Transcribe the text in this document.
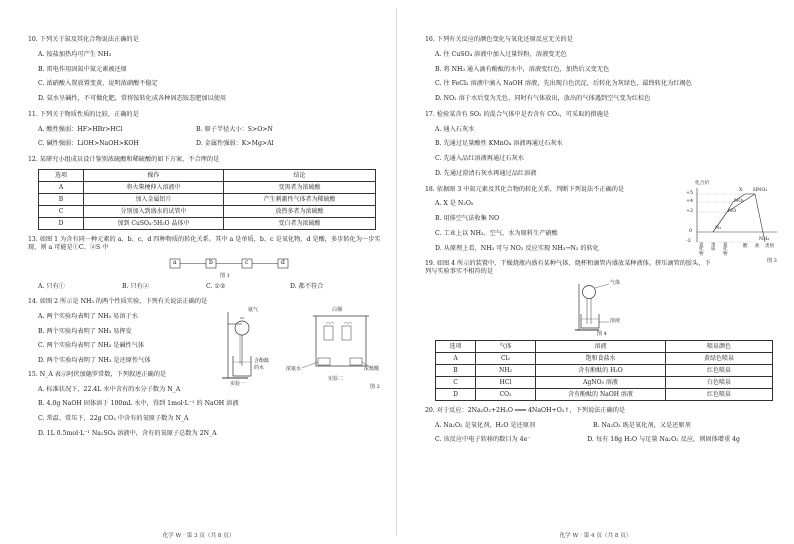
10. 下列关于氮及其化合物说法正确的是
A. 铵盐加热均可产生 NH₃
B. 雷电作用固氮中氮元素被还原
C. 浓硝酸入置放置变黄，说明浓硝酸不稳定
D. 氨水呈碱性，不可做化肥，常将铵转化成各种固态铵态肥加以使用
11. 下列关于物质性质的比较，正确的是
A. 酸性强弱：HF>HBr>HCl	B. 原子半径大小：S>O>N
C. 碱性强弱：LiOH>NaOH>KOH	D. 金属性强弱：K>Mg>Al
12. 某研究小组成员设计鉴别浓硫酸和稀硫酸的如下方案，不合理的是
选项	操作	结论
A	将火柴梗伸入溶液中	变黑者为浓硫酸
B	加入金属铝片	产生刺激性气体者为稀硫酸
C	分别加入到盛水的试管中	放热多者为浓硫酸
D	加到 CuSO₄·5H₂O 晶体中	变白者为浓硫酸
13. 如图 1 为含有同一种元素的 a、b、c、d 四种物质的转化关系。其中 a 是单质，b、c 是氧化物，d 是酸，多步转化为一步实现，则 a 可能是①C、②S 中
a	b	c	d
图 1
A. 只有①	B. 只有②	C. ①②	D. 都不符合
14. 如图 2 所示是 NH₃ 的两个性质实验，下列有关说法正确的是
A. 两个实验均表明了 NH₃ 易溶于水
B. 两个实验均表明了 NH₃ 易挥发
C. 两个实验均表明了 NH₃ 是碱性气体
D. 两个实验均表明了 NH₃ 是还原性气体
氨气
含酚酞
的水
实验一
白烟
浓氨水	浓盐酸
实验二
图 2
15. N_A 表示阿伏加德罗常数，下列叙述正确的是
A. 标准状况下，22.4L 水中含有的水分子数为 N_A
B. 4.0g NaOH 固体溶于 100mL 水中，得到 1mol·L⁻¹ 的 NaOH 溶液
C. 常温、常压下，22g CO₂ 中含有的氧原子数为 N_A
D. 1L 0.5mol·L⁻¹ Na₂SO₄ 溶液中，含有的氧原子总数为 2N_A
化学 W · 第 3 页（共 8 页）
16. 下列有关反应的颜色变化与氧化还原反应无关的是
A. 往 CuSO₄ 溶液中加入过量锌粉，溶液变无色
B. 将 NH₃ 通入滴有酚酞的水中，溶液变红色，加热后又变无色
C. 往 FeCl₂ 溶液中滴入 NaOH 溶液，先出现白色沉淀，后转化为灰绿色，最终转化为红褐色
D. NO₂ 溶于水后变为无色，同时有气体放出，放出的气体遇到空气变为红棕色
17. 检验某含有 SO₂ 的混合气体中是否含有 CO₂，可采取的措施是
A. 通入石灰水
B. 先通过足量酸性 KMnO₄ 溶液再通过石灰水
C. 先通入品红溶液再通过石灰水
D. 先通过澄清石灰水再通过品红溶液
18. 依据图 3 中氮元素及其化合物的转化关系，判断下列说法不正确的是
A. X 是 N₂O₅
B. 用排空气法收集 NO
C. 工业上以 NH₃、空气、水为原料生产硝酸
D. 从原理上看，NH₃ 可与 NO₂ 反应实现 NH₃→N₂ 的转化
化合价
+5
+4
+2
0
-3
X HNO₃
NO₂
NO
N₂
NH₃
氢化物
单质
氧化物
酸 盐 类别
图 3
19. 如图 4 所示的装置中，干燥烧瓶内盛有某种气体，烧杯和滴管内盛放某种液体。挤压滴管的胶头，下列与实验事实不相符的是
气体
溶液
图 4
选项	气体	溶液	喷泉颜色
A	Cl₂	饱和食盐水	黄绿色喷泉
B	NH₃	含有酚酞的 H₂O	红色喷泉
C	HCl	AgNO₃ 溶液	白色喷泉
D	CO₂	含有酚酞的 NaOH 溶液	红色喷泉
20. 对于反应：2Na₂O₂+2H₂O ═══ 4NaOH+O₂↑，下列说法正确的是
A. Na₂O₂ 是氧化剂，H₂O 是还原剂	B. Na₂O₂ 既是氧化剂，又是还原剂
C. 该反应中电子转移的数目为 4e⁻	D. 每有 18g H₂O 与足量 Na₂O₂ 反应，则固体增重 4g
化学 W · 第 4 页（共 8 页）
